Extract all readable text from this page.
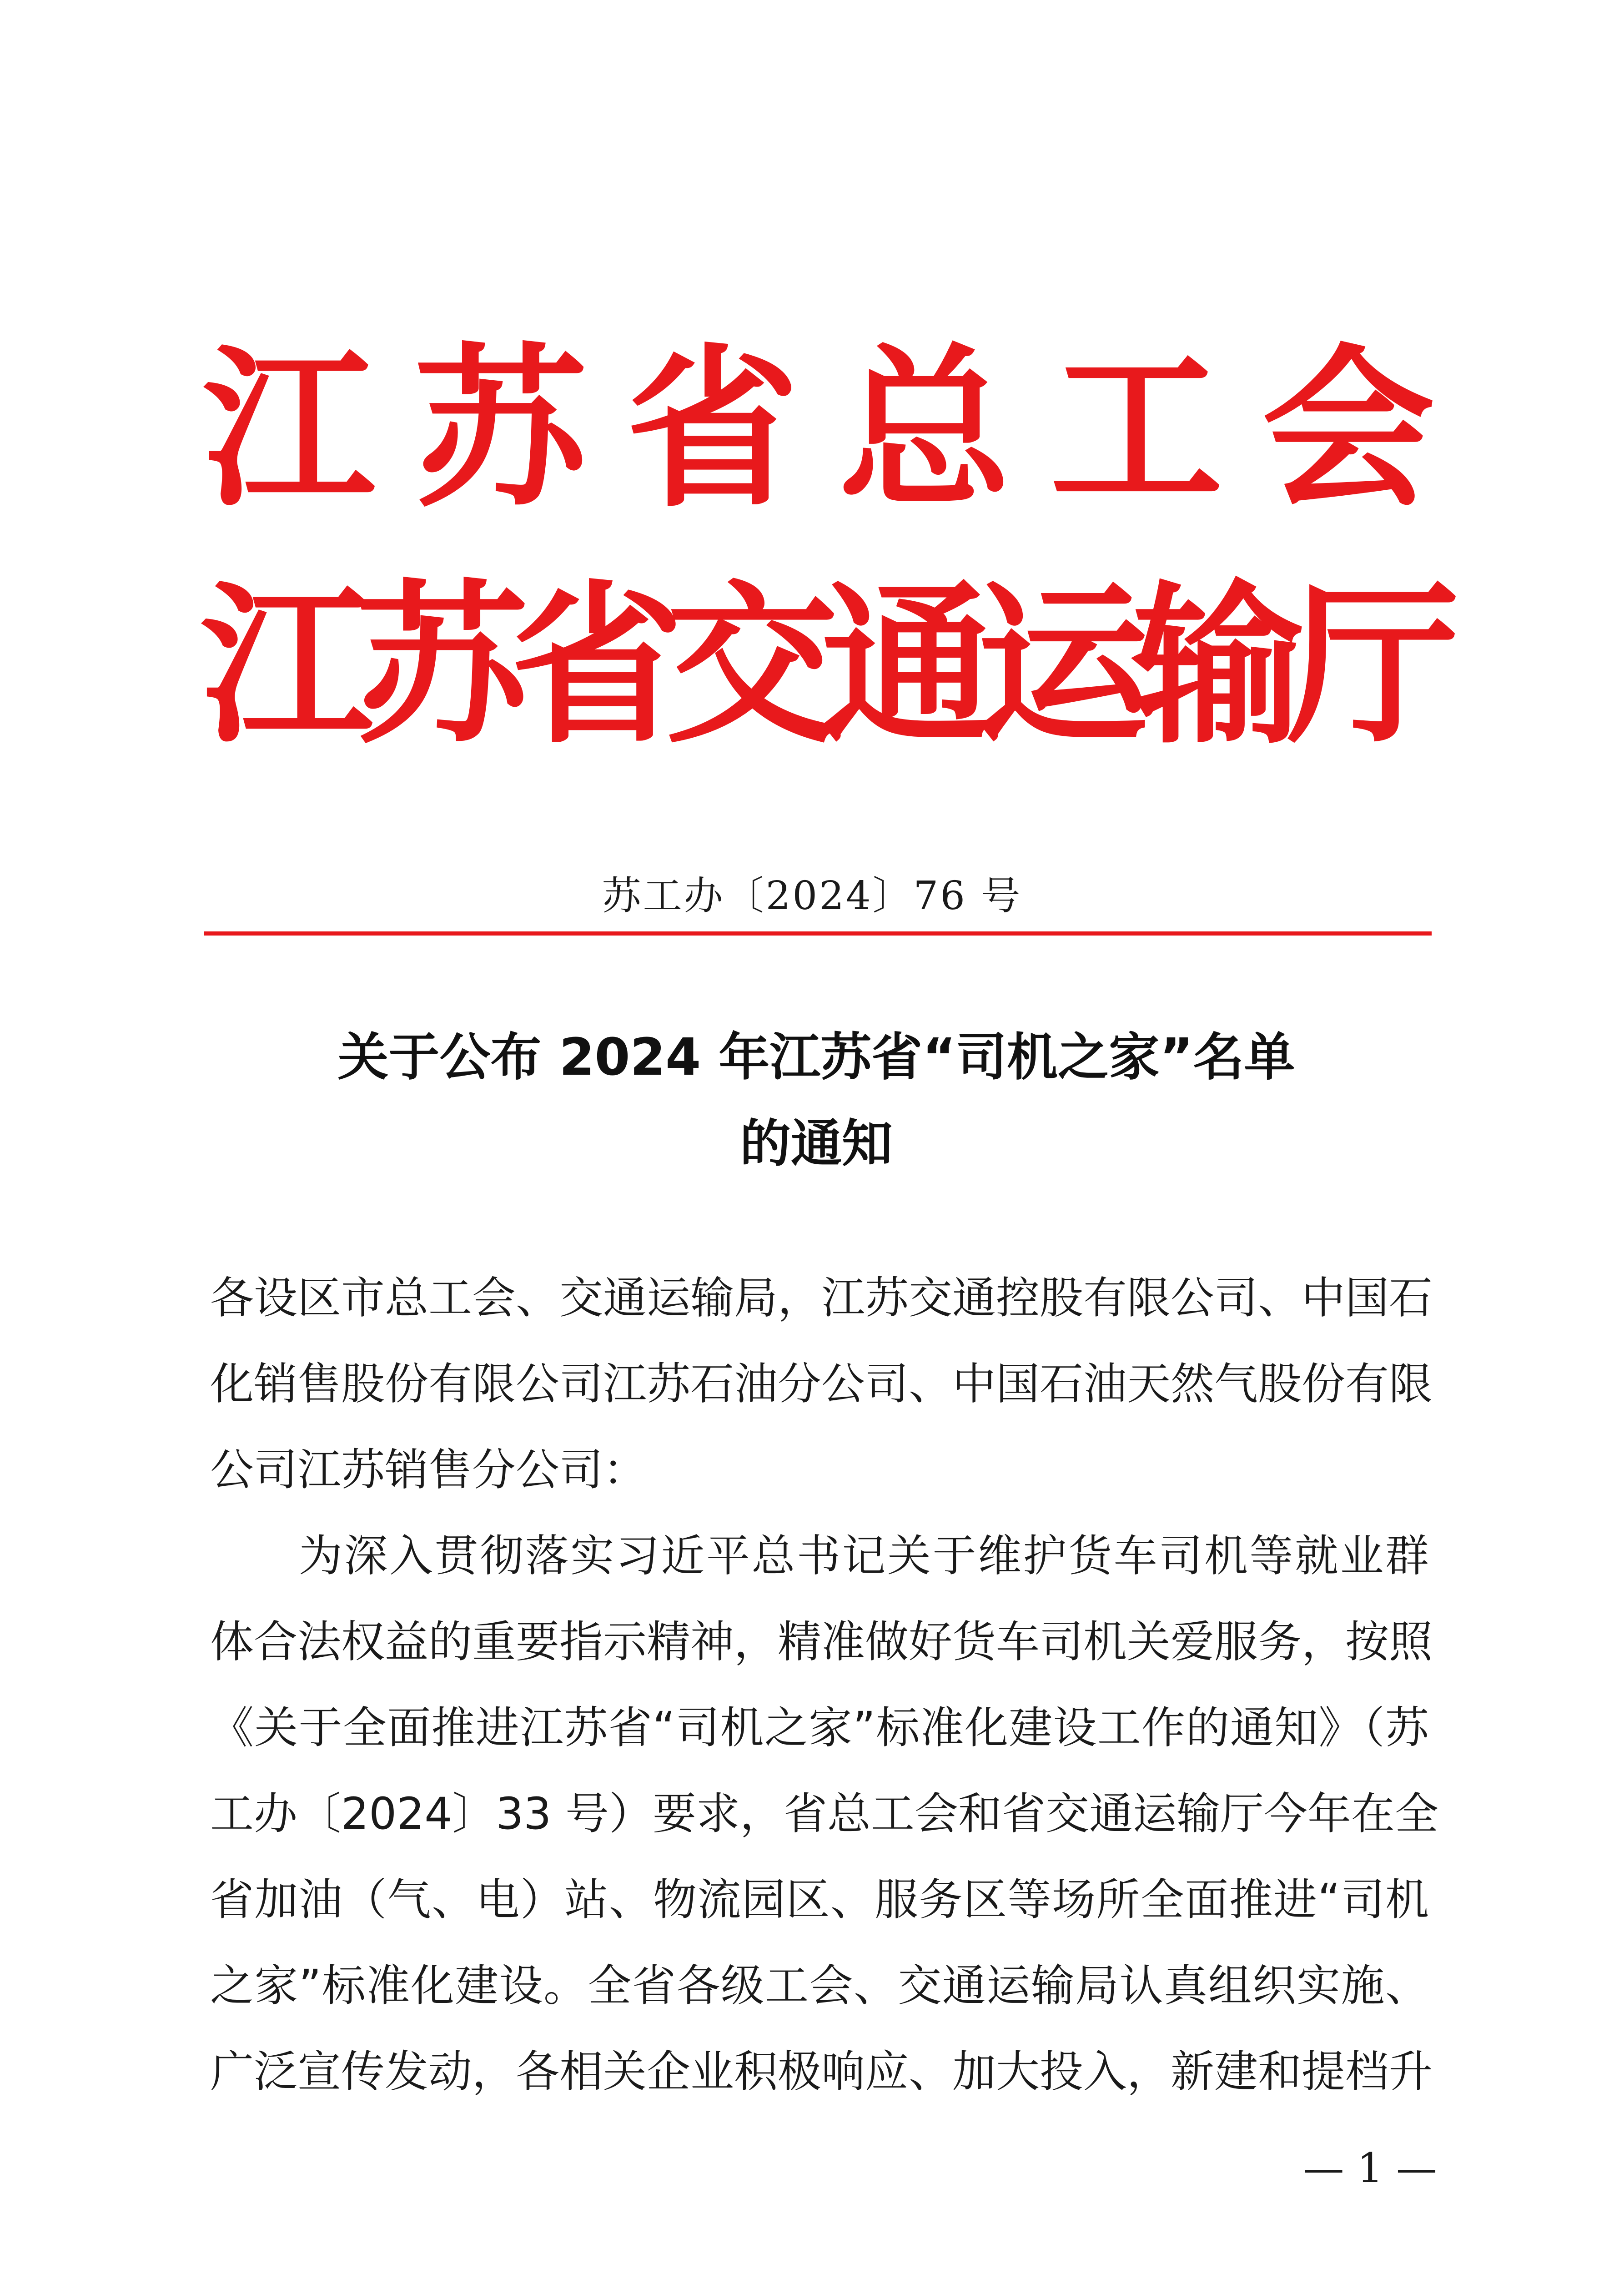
江 苏 省 总 工 会
江
苏
省
交
通
运
输
厅
苏工办〔2024〕76 号
关于公布 2024 年江苏省“司机之家”名单
的通知
各设区市总工会、交通运输局，江苏交通控股有限公司、中国石
化销售股份有限公司江苏石油分公司、中国石油天然气股份有限
公司江苏销售分公司：
为深入贯彻落实习近平总书记关于维护货车司机等就业群
体合法权益的重要指示精神，精准做好货车司机关爱服务，按照
《关于全面推进江苏省“司机之家”标准化建设工作的通知》（苏
工办〔2024〕33 号）要求，省总工会和省交通运输厅今年在全
省加油（气、电）站、物流园区、服务区等场所全面推进“司机
之家”标准化建设。全省各级工会、交通运输局认真组织实施、
广泛宣传发动，各相关企业积极响应、加大投入，新建和提档升
— 1 —
